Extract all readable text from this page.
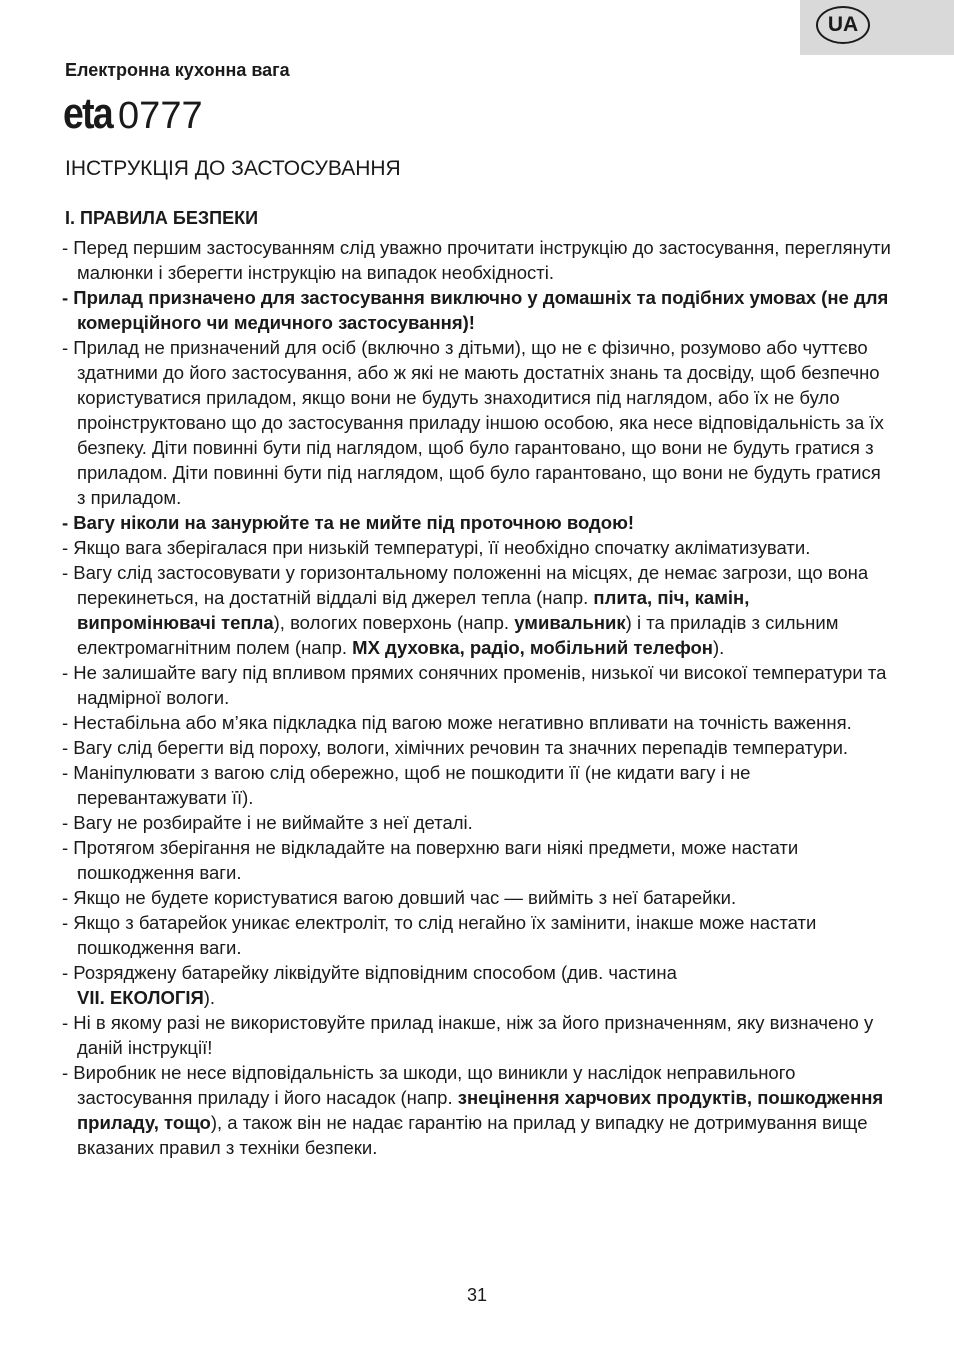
UA
Електронна кухонна вага
eta 0777
ІНСТРУКЦІЯ ДО ЗАСТОСУВАННЯ
І. ПРАВИЛА БЕЗПЕКИ
- Перед першим застосуванням слід уважно прочитати інструкцію до застосування, переглянути малюнки і зберегти інструкцію на випадок необхідності.
- Прилад призначено для застосування виключно у домашніх та подібних умовах (не для комерційного чи медичного застосування)!
- Прилад не призначений для осіб (включно з дітьми), що не є фізично, розумово або чуттєво здатними до його застосування, або ж які не мають достатніх знань та досвіду, щоб безпечно користуватися приладом, якщо вони не будуть знаходитися під наглядом, або їх не було проінструктовано що до застосування приладу іншою особою, яка несе відповідальність за їх безпеку. Діти повинні бути під наглядом, щоб було гарантовано, що вони не будуть гратися з приладом. Діти повинні бути під наглядом, щоб було гарантовано, що вони не будуть гратися з приладом.
- Вагу ніколи на занурюйте та не мийте під проточною водою!
- Якщо вага зберігалася при низькій температурі, її необхідно спочатку акліматизувати.
- Вагу слід застосовувати у горизонтальному положенні на місцях, де немає загрози, що вона перекинеться, на достатній віддалі від джерел тепла (напр. плита, піч, камін, випромінювачі тепла), вологих поверхонь (напр. умивальник) і та приладів з сильним електромагнітним полем (напр. МХ духовка, радіо, мобільний телефон).
- Не залишайте вагу під впливом прямих сонячних променів, низької чи високої температури та надмірної вологи.
- Нестабільна або м’яка підкладка під вагою може негативно впливати на точність важення.
- Вагу слід берегти від пороху, вологи, хімічних речовин та значних перепадів температури.
- Маніпулювати з вагою слід обережно, щоб не пошкодити її (не кидати вагу і не перевантажувати її).
- Вагу не розбирайте і не виймайте з неї деталі.
- Протягом зберігання не відкладайте на поверхню ваги ніякі предмети, може настати пошкодження ваги.
- Якщо не будете користуватися вагою довший час — вийміть з неї батарейки.
- Якщо з батарейок уникає електроліт, то слід негайно їх замінити, інакше може настати пошкодження ваги.
- Розряджену батарейку ліквідуйте відповідним способом (див. частина
VII. ЕКОЛОГІЯ).
- Ні в якому разі не використовуйте прилад інакше, ніж за його призначенням, яку визначено у даній інструкції!
- Виробник не несе відповідальність за шкоди, що виникли у наслідок неправильного застосування приладу і його насадок (напр. знецінення харчових продуктів, пошкодження приладу, тощо), а також він не надає гарантію на прилад у випадку не дотримування вище вказаних правил з техніки безпеки.
31
